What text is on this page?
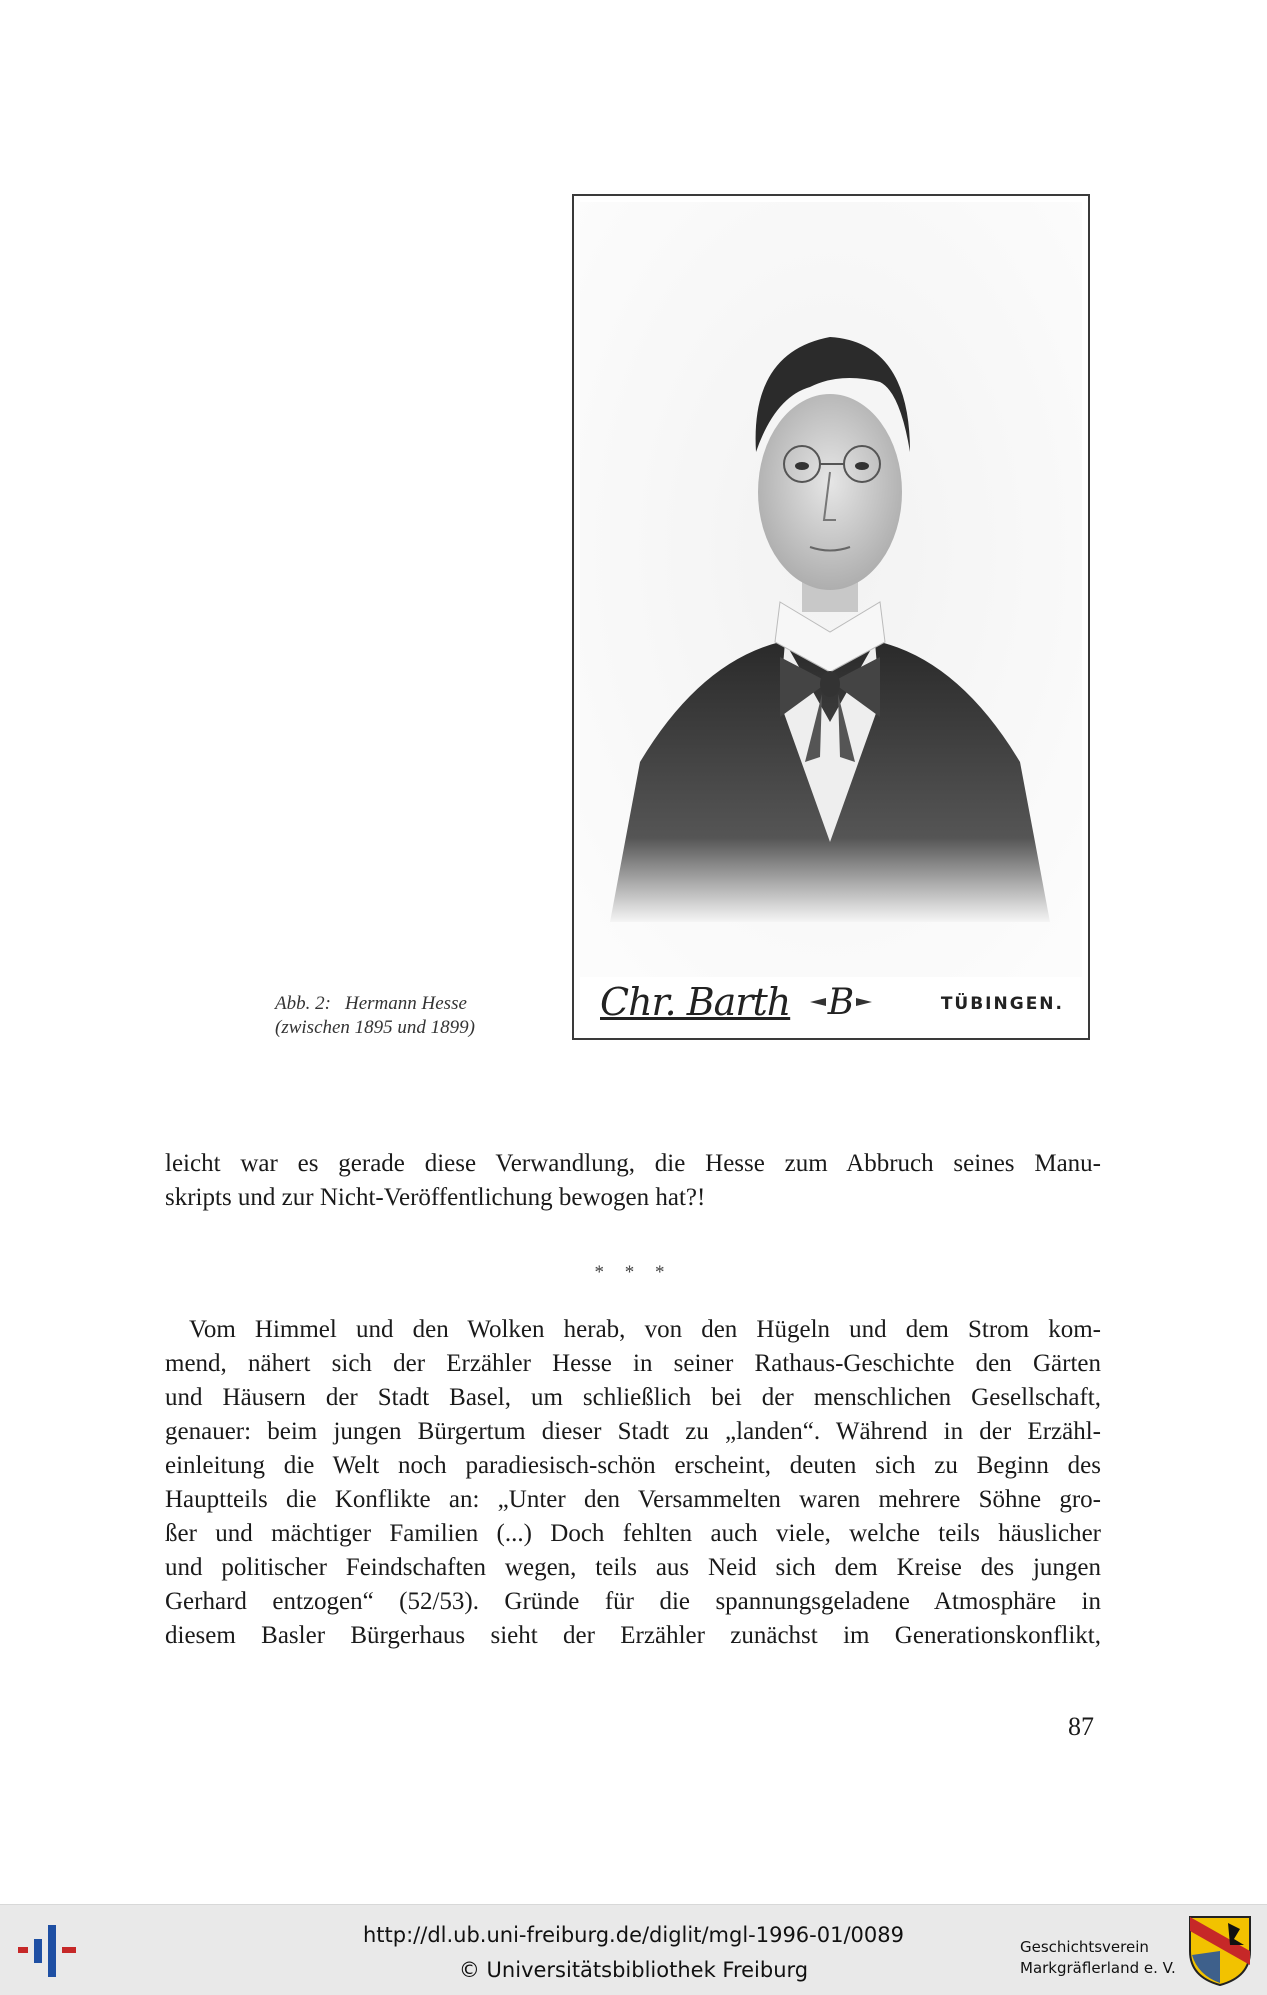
Chr. Barth B	TÜBINGEN.
Abb. 2: Hermann Hesse
(zwischen 1895 und 1899)
leicht war es gerade diese Verwandlung, die Hesse zum Abbruch seines Manu-
skripts und zur Nicht-Veröffentlichung bewogen hat?!
* * *
Vom Himmel und den Wolken herab, von den Hügeln und dem Strom kom-
mend, nähert sich der Erzähler Hesse in seiner Rathaus-Geschichte den Gärten
und Häusern der Stadt Basel, um schließlich bei der menschlichen Gesellschaft,
genauer: beim jungen Bürgertum dieser Stadt zu „landen“. Während in der Erzähl-
einleitung die Welt noch paradiesisch-schön erscheint, deuten sich zu Beginn des
Hauptteils die Konflikte an: „Unter den Versammelten waren mehrere Söhne gro-
ßer und mächtiger Familien (...) Doch fehlten auch viele, welche teils häuslicher
und politischer Feindschaften wegen, teils aus Neid sich dem Kreise des jungen
Gerhard entzogen“ (52/53). Gründe für die spannungsgeladene Atmosphäre in
diesem Basler Bürgerhaus sieht der Erzähler zunächst im Generationskonflikt,
87
http://dl.ub.uni-freiburg.de/diglit/mgl-1996-01/0089
© Universitätsbibliothek Freiburg
Geschichtsverein
Markgräflerland e. V.
